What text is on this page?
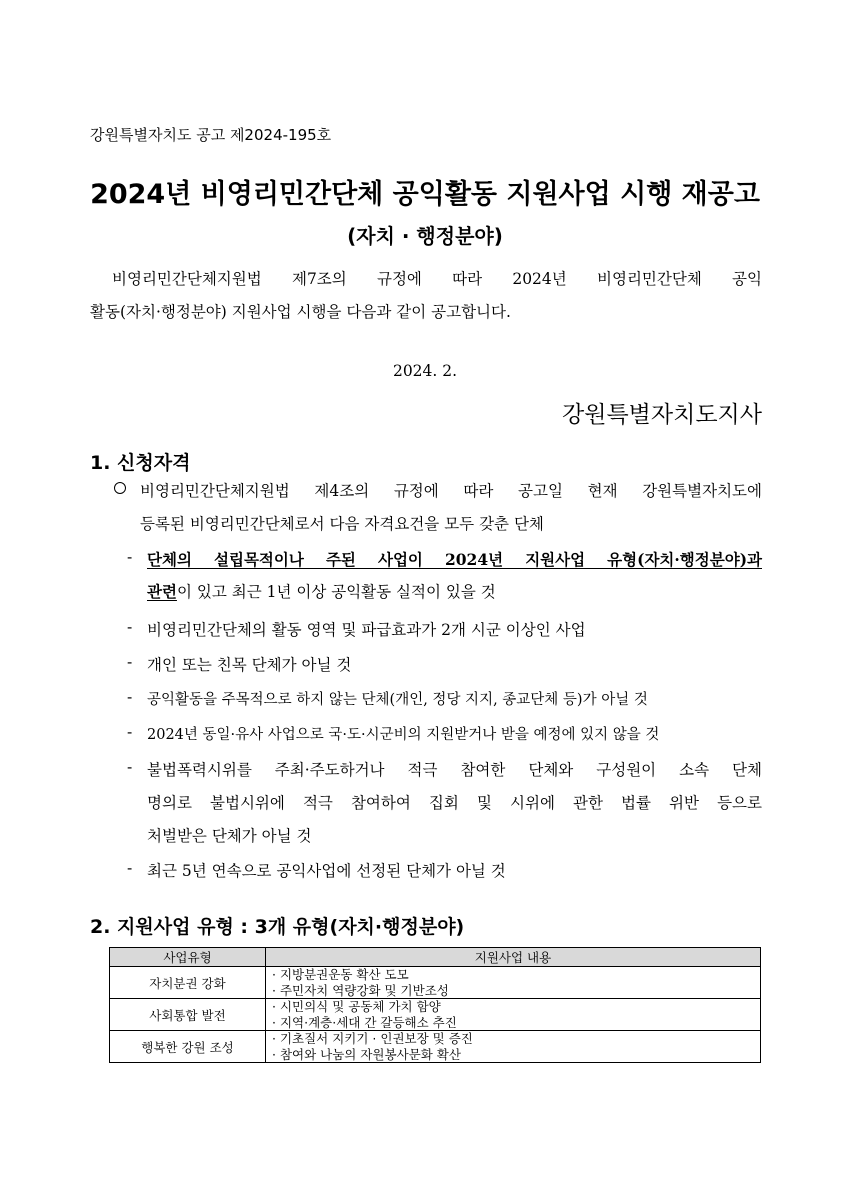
강원특별자치도 공고 제2024-195호
2024년 비영리민간단체 공익활동 지원사업 시행 재공고
(자치 · 행정분야)
비영리민간단체지원법 제7조의 규정에 따라 2024년 비영리민간단체 공익
활동(자치·행정분야) 지원사업 시행을 다음과 같이 공고합니다.
2024. 2.
강원특별자치도지사
1. 신청자격
비영리민간단체지원법 제4조의 규정에 따라 공고일 현재 강원특별자치도에
등록된 비영리민간단체로서 다음 자격요건을 모두 갖춘 단체
- 단체의 설립목적이나 주된 사업이 2024년 지원사업 유형(자치·행정분야)과
관련이 있고 최근 1년 이상 공익활동 실적이 있을 것
- 비영리민간단체의 활동 영역 및 파급효과가 2개 시군 이상인 사업
- 개인 또는 친목 단체가 아닐 것
- 공익활동을 주목적으로 하지 않는 단체(개인, 정당 지지, 종교단체 등)가 아닐 것
- 2024년 동일·유사 사업으로 국·도·시군비의 지원받거나 받을 예정에 있지 않을 것
- 불법폭력시위를 주최·주도하거나 적극 참여한 단체와 구성원이 소속 단체
명의로 불법시위에 적극 참여하여 집회 및 시위에 관한 법률 위반 등으로
처벌받은 단체가 아닐 것
- 최근 5년 연속으로 공익사업에 선정된 단체가 아닐 것
2. 지원사업 유형 : 3개 유형(자치·행정분야)
사업유형	지원사업 내용
자치분권 강화	· 지방분권운동 확산 도모
· 주민자치 역량강화 및 기반조성

사회통합 발전	· 시민의식 및 공동체 가치 함양
· 지역·계층·세대 간 갈등해소 추진

행복한 강원 조성	· 기초질서 지키기 · 인권보장 및 증진
· 참여와 나눔의 자원봉사문화 확산
